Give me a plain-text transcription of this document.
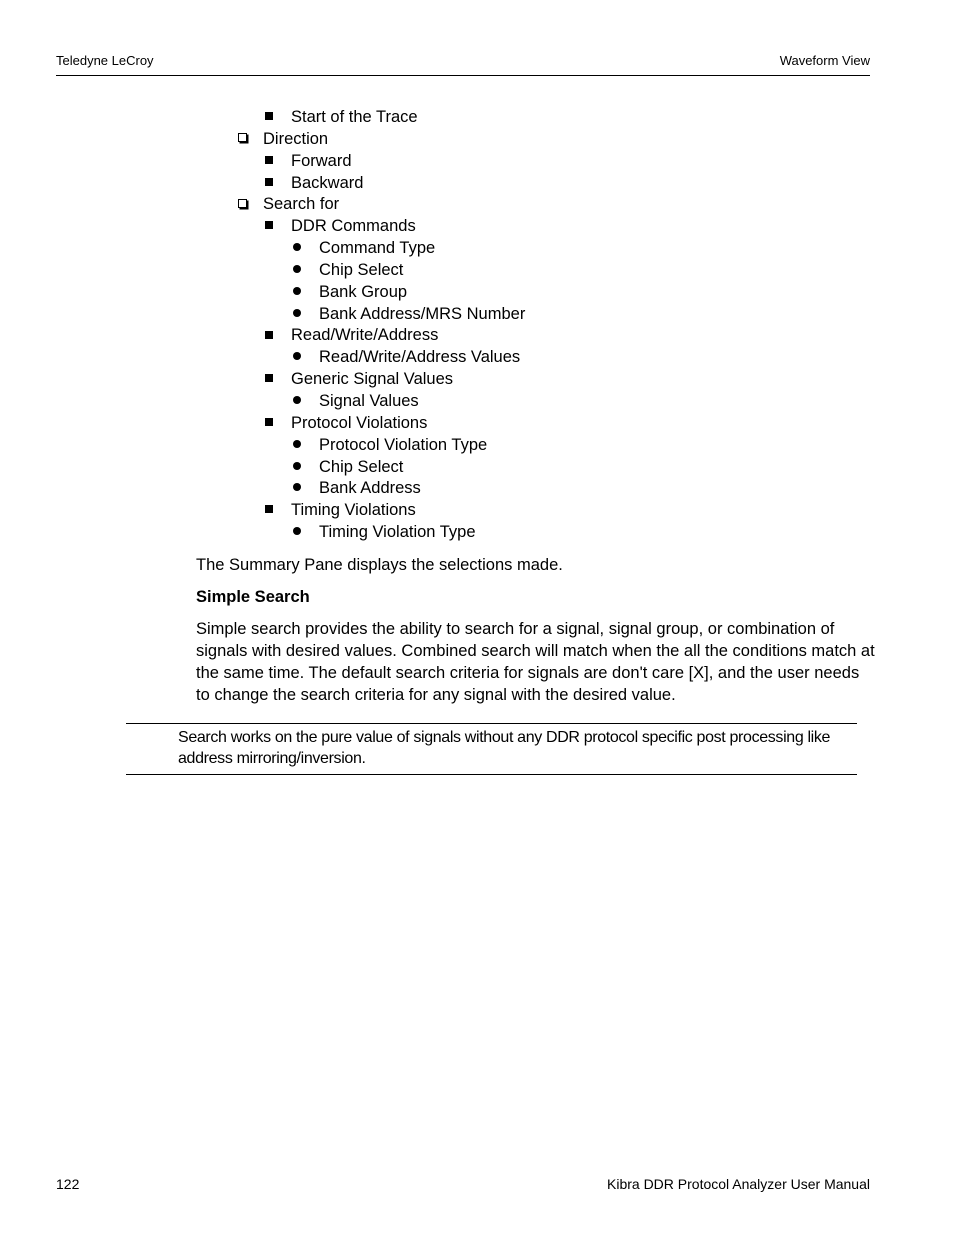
Teledyne LeCroy	Waveform View
Start of the Trace
Direction
Forward
Backward
Search for
DDR Commands
Command Type
Chip Select
Bank Group
Bank Address/MRS Number
Read/Write/Address
Read/Write/Address Values
Generic Signal Values
Signal Values
Protocol Violations
Protocol Violation Type
Chip Select
Bank Address
Timing Violations
Timing Violation Type
The Summary Pane displays the selections made.
Simple Search
Simple search provides the ability to search for a signal, signal group, or combination of signals with desired values. Combined search will match when the all the conditions match at the same time. The default search criteria for signals are don't care [X], and the user needs to change the search criteria for any signal with the desired value.
Search works on the pure value of signals without any DDR protocol specific post processing like address mirroring/inversion.
122	Kibra DDR Protocol Analyzer User Manual
